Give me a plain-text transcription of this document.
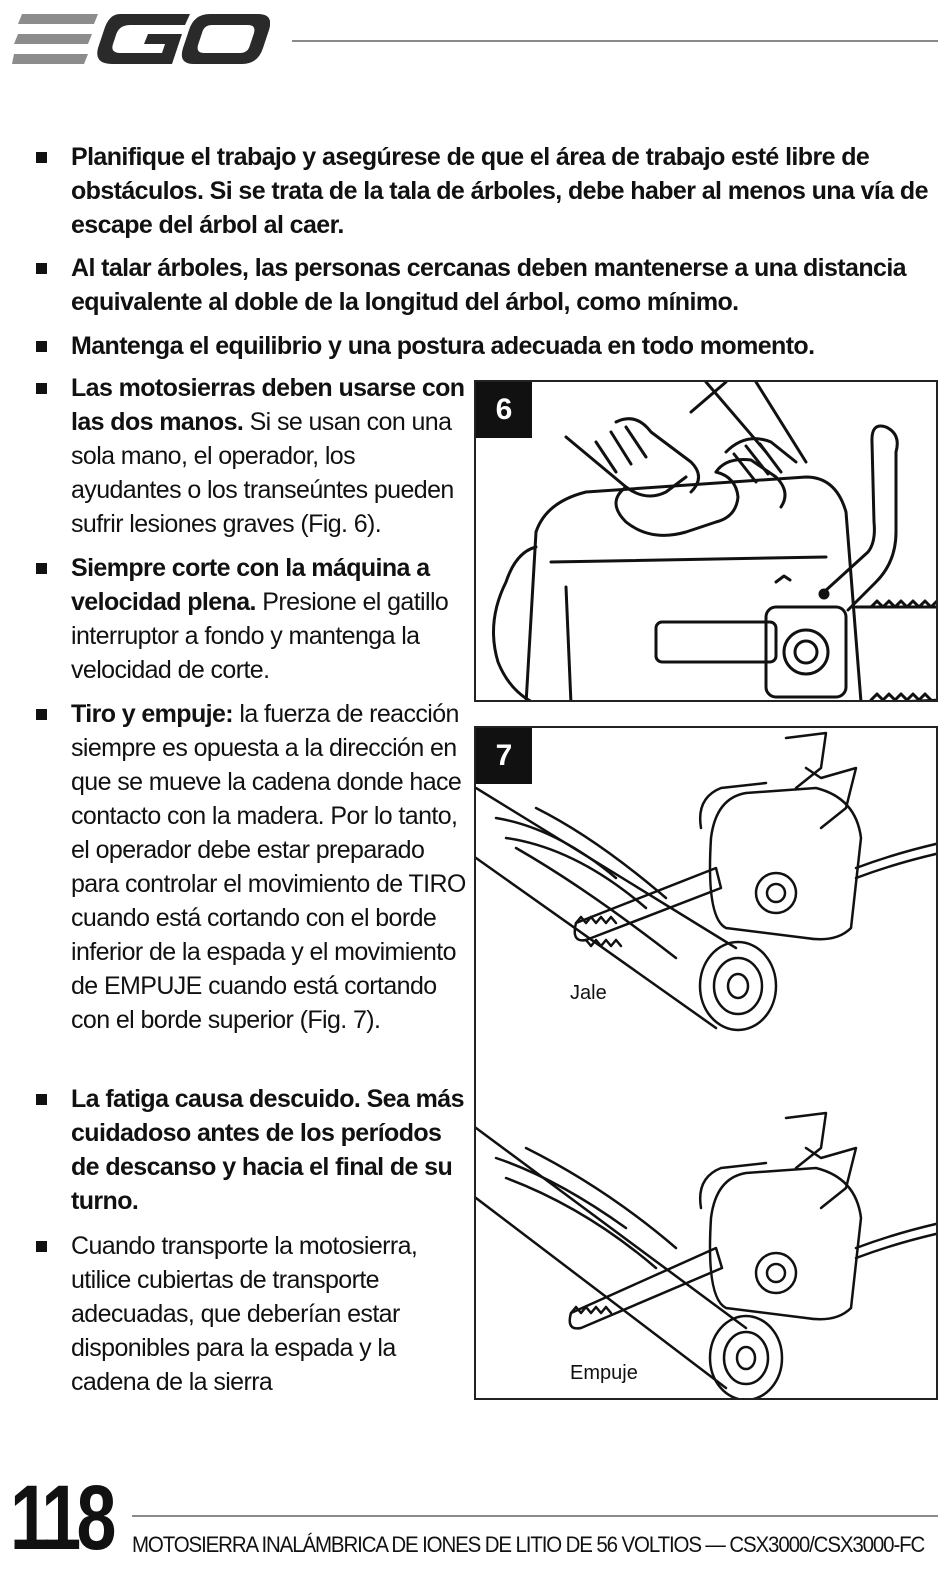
Planifique el trabajo y asegúrese de que el área de trabajo esté libre de obstáculos. Si se trata de la tala de árboles, debe haber al menos una vía de escape del árbol al caer.
Al talar árboles, las personas cercanas deben mantenerse a una distancia equivalente al doble de la longitud del árbol, como mínimo.
Mantenga el equilibrio y una postura adecuada en todo momento.
Las motosierras deben usarse con las dos manos. Si se usan con una sola mano, el operador, los ayudantes o los transeúntes pueden sufrir lesiones graves (Fig. 6).
Siempre corte con la máquina a velocidad plena. Presione el gatillo interruptor a fondo y mantenga la velocidad de corte.
Tiro y empuje: la fuerza de reacción siempre es opuesta a la dirección en que se mueve la cadena donde hace contacto con la madera. Por lo tanto, el operador debe estar preparado para controlar el movimiento de TIRO cuando está cortando con el borde inferior de la espada y el movimiento de EMPUJE cuando está cortando con el borde superior (Fig. 7).
La fatiga causa descuido. Sea más cuidadoso antes de los períodos de descanso y hacia el final de su turno.
Cuando transporte la motosierra, utilice cubiertas de transporte adecuadas, que deberían estar disponibles para la espada y la cadena de la sierra
6
7
Jale
Empuje
118 MOTOSIERRA INALÁMBRICA DE IONES DE LITIO DE 56 VOLTIOS — CSX3000/CSX3000-FC
